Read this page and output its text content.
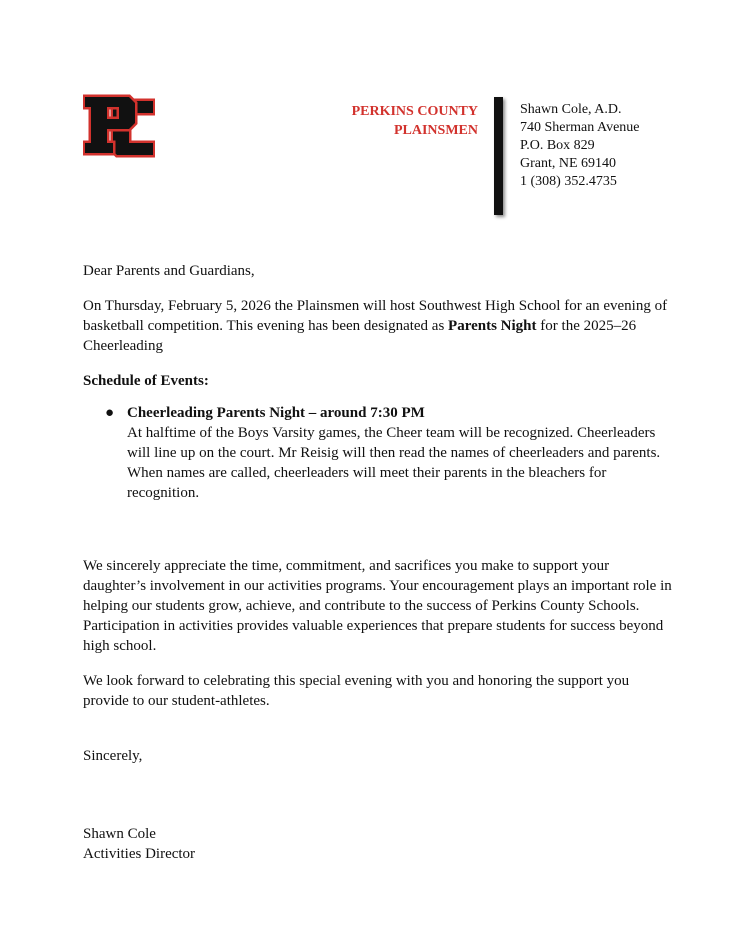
PERKINS COUNTY
PLAINSMEN
Shawn Cole, A.D.
740 Sherman Avenue
P.O. Box 829
Grant, NE 69140
1 (308) 352.4735

Dear Parents and Guardians,

On Thursday, February 5, 2026 the Plainsmen will host Southwest High School for an evening of basketball competition. This evening has been designated as Parents Night for the 2025–26 Cheerleading

Schedule of Events:

● Cheerleading Parents Night – around 7:30 PM
At halftime of the Boys Varsity games, the Cheer team will be recognized. Cheerleaders will line up on the court. Mr Reisig will then read the names of cheerleaders and parents. When names are called, cheerleaders will meet their parents in the bleachers for recognition.

We sincerely appreciate the time, commitment, and sacrifices you make to support your daughter’s involvement in our activities programs. Your encouragement plays an important role in helping our students grow, achieve, and contribute to the success of Perkins County Schools. Participation in activities provides valuable experiences that prepare students for success beyond high school.

We look forward to celebrating this special evening with you and honoring the support you provide to our student-athletes.

Sincerely,

Shawn Cole

Activities Director
